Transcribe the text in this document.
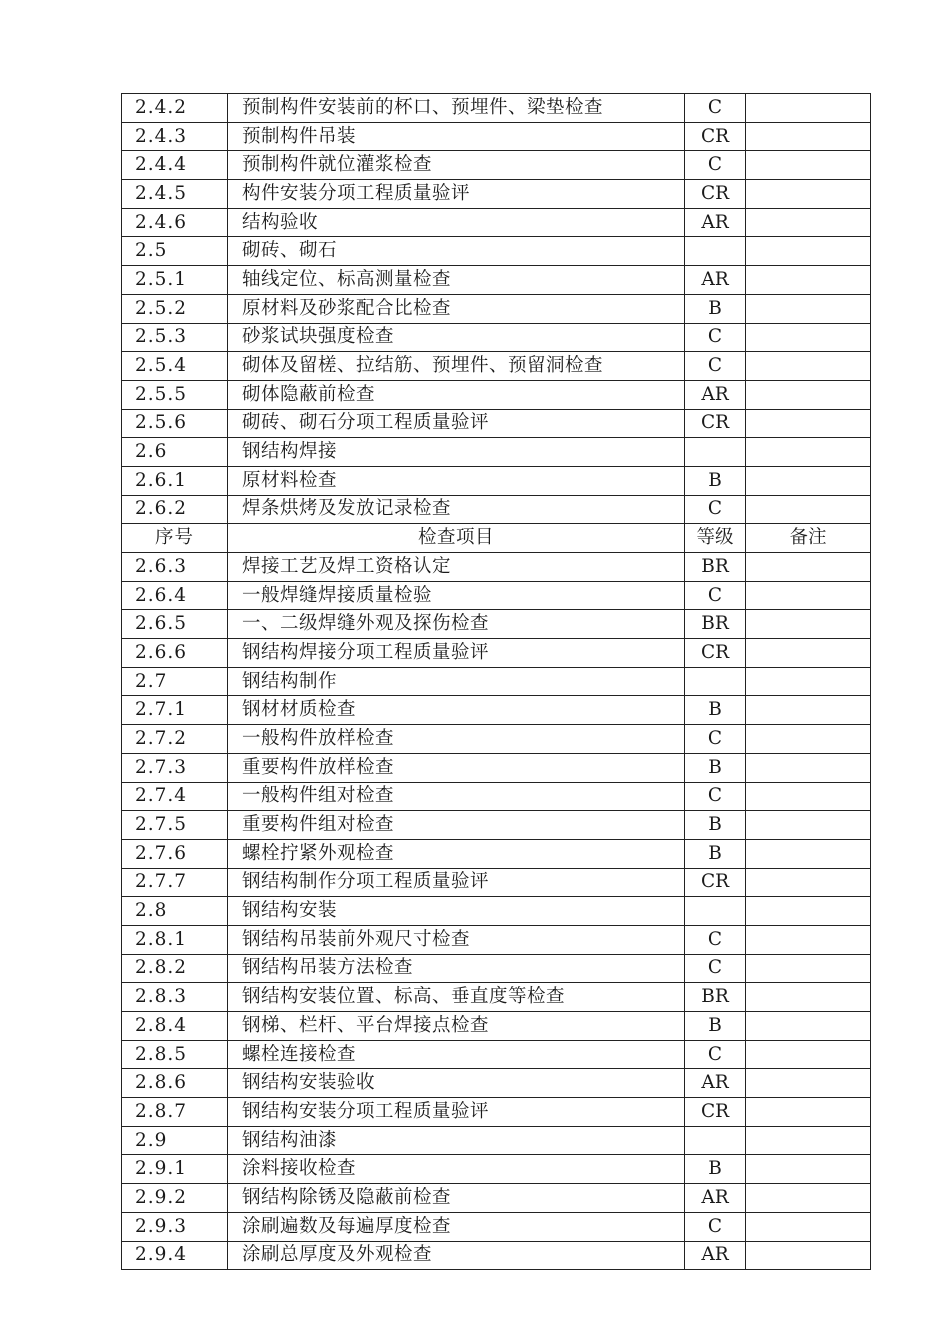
2.4.2	预制构件安装前的杯口、预埋件、梁垫检查	C	
2.4.3	预制构件吊装	CR	
2.4.4	预制构件就位灌浆检查	C	
2.4.5	构件安装分项工程质量验评	CR	
2.4.6	结构验收	AR	
2.5	砌砖、砌石		
2.5.1	轴线定位、标高测量检查	AR	
2.5.2	原材料及砂浆配合比检查	B	
2.5.3	砂浆试块强度检查	C	
2.5.4	砌体及留槎、拉结筋、预埋件、预留洞检查	C	
2.5.5	砌体隐蔽前检查	AR	
2.5.6	砌砖、砌石分项工程质量验评	CR	
2.6	钢结构焊接		
2.6.1	原材料检查	B	
2.6.2	焊条烘烤及发放记录检查	C	
序号	检查项目	等级	备注
2.6.3	焊接工艺及焊工资格认定	BR	
2.6.4	一般焊缝焊接质量检验	C	
2.6.5	一、二级焊缝外观及探伤检查	BR	
2.6.6	钢结构焊接分项工程质量验评	CR	
2.7	钢结构制作		
2.7.1	钢材材质检查	B	
2.7.2	一般构件放样检查	C	
2.7.3	重要构件放样检查	B	
2.7.4	一般构件组对检查	C	
2.7.5	重要构件组对检查	B	
2.7.6	螺栓拧紧外观检查	B	
2.7.7	钢结构制作分项工程质量验评	CR	
2.8	钢结构安装		
2.8.1	钢结构吊装前外观尺寸检查	C	
2.8.2	钢结构吊装方法检查	C	
2.8.3	钢结构安装位置、标高、垂直度等检查	BR	
2.8.4	钢梯、栏杆、平台焊接点检查	B	
2.8.5	螺栓连接检查	C	
2.8.6	钢结构安装验收	AR	
2.8.7	钢结构安装分项工程质量验评	CR	
2.9	钢结构油漆		
2.9.1	涂料接收检查	B	
2.9.2	钢结构除锈及隐蔽前检查	AR	
2.9.3	涂刷遍数及每遍厚度检查	C	
2.9.4	涂刷总厚度及外观检查	AR	
